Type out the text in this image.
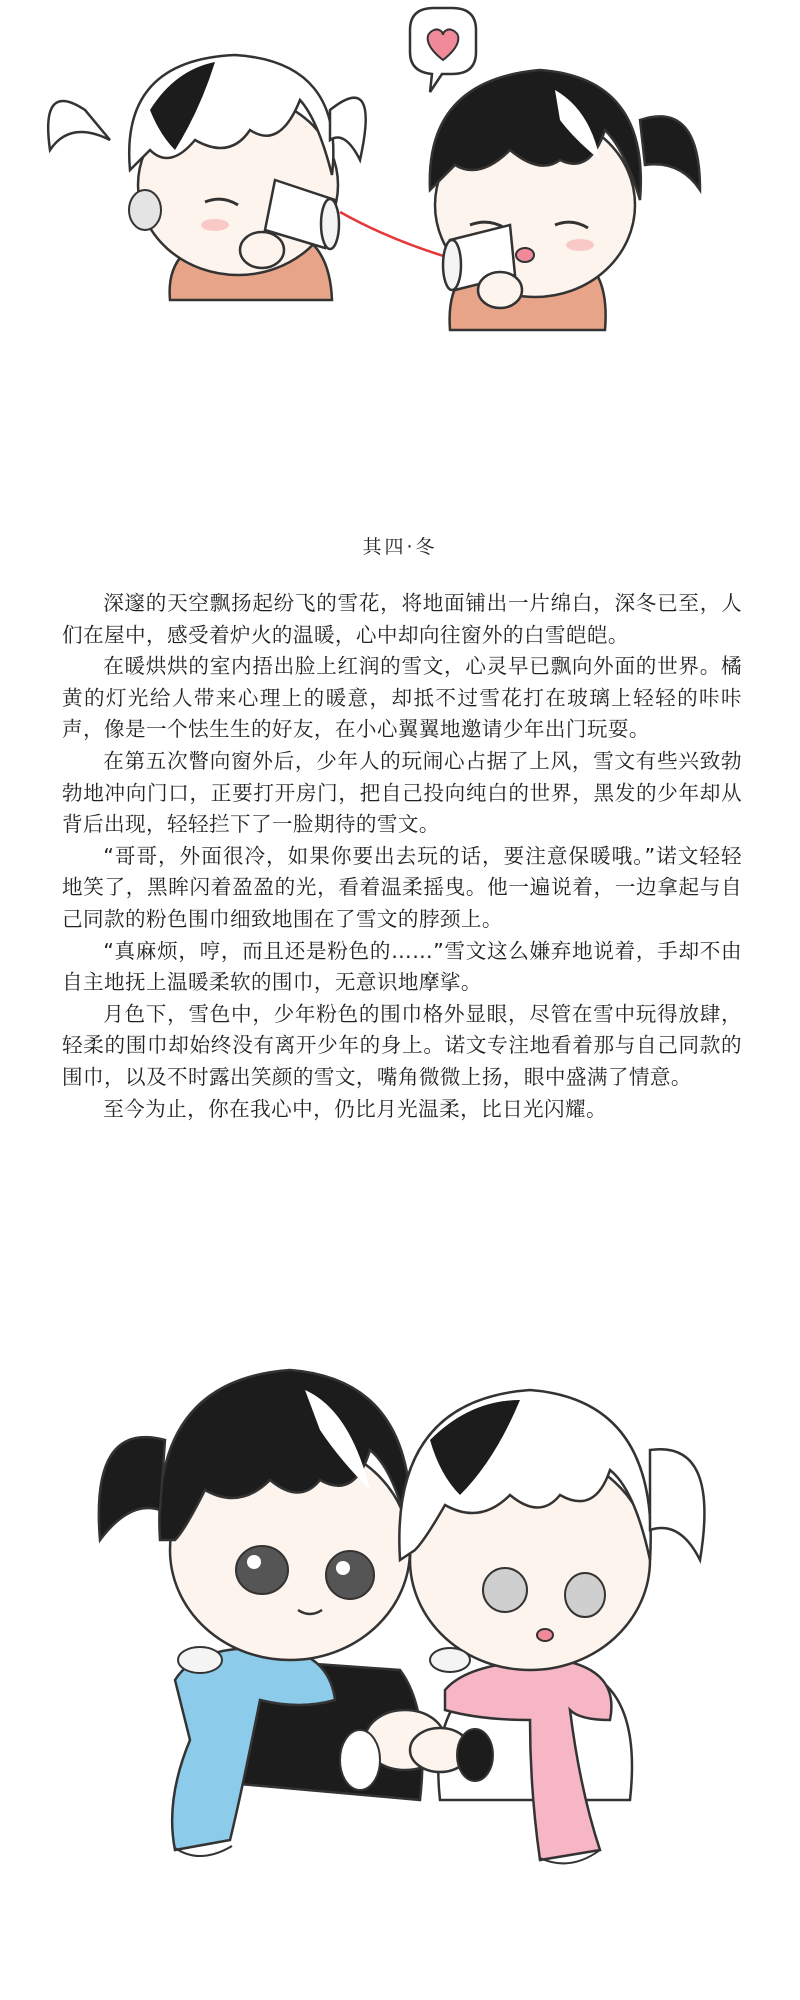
其四·冬

深邃的天空飘扬起纷飞的雪花，将地面铺出一片绵白，深冬已至，人们在屋中，感受着炉火的温暖，心中却向往窗外的白雪皑皑。

在暖烘烘的室内捂出脸上红润的雪文，心灵早已飘向外面的世界。橘黄的灯光给人带来心理上的暖意，却抵不过雪花打在玻璃上轻轻的咔咔声，像是一个怯生生的好友，在小心翼翼地邀请少年出门玩耍。

在第五次瞥向窗外后，少年人的玩闹心占据了上风，雪文有些兴致勃勃地冲向门口，正要打开房门，把自己投向纯白的世界，黑发的少年却从背后出现，轻轻拦下了一脸期待的雪文。

“哥哥，外面很冷，如果你要出去玩的话，要注意保暖哦。”诺文轻轻地笑了，黑眸闪着盈盈的光，看着温柔摇曳。他一遍说着，一边拿起与自己同款的粉色围巾细致地围在了雪文的脖颈上。

“真麻烦，哼，而且还是粉色的……”雪文这么嫌弃地说着，手却不由自主地抚上温暖柔软的围巾，无意识地摩挲。

月色下，雪色中，少年粉色的围巾格外显眼，尽管在雪中玩得放肆，轻柔的围巾却始终没有离开少年的身上。诺文专注地看着那与自己同款的围巾，以及不时露出笑颜的雪文，嘴角微微上扬，眼中盛满了情意。

至今为止，你在我心中，仍比月光温柔，比日光闪耀。
